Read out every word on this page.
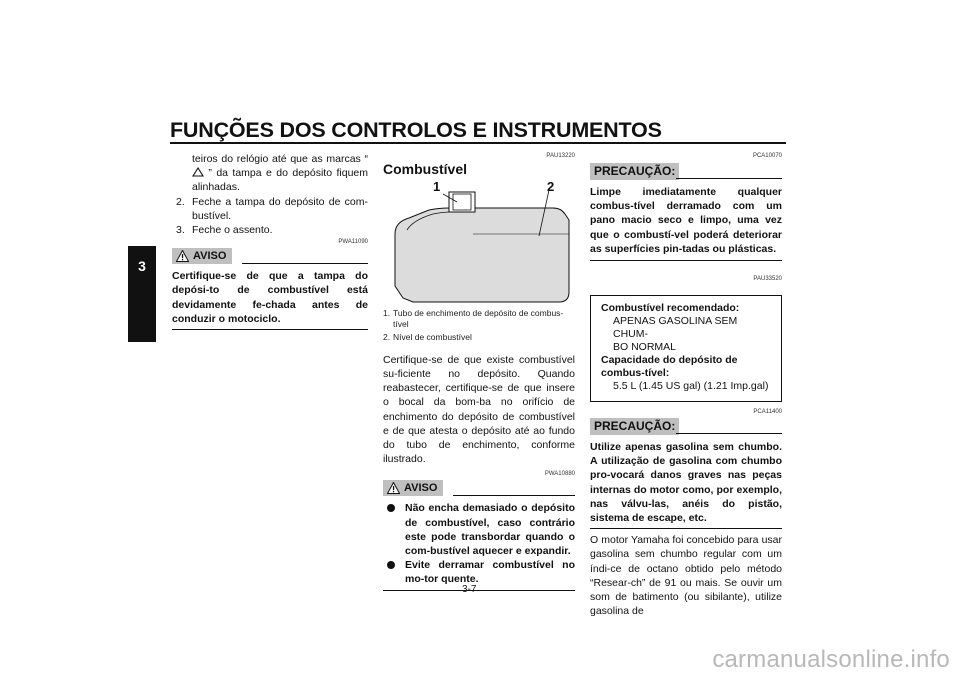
FUNÇÕES DOS CONTROLOS E INSTRUMENTOS
3
teiros do relógio até que as marcas “ ” da tampa e do depósito fiquem alinhadas.
2. Feche a tampa do depósito de com-bustível.
3. Feche o assento.
PWA11090
AVISO
Certifique-se de que a tampa do depósi-to de combustível está devidamente fe-chada antes de conduzir o motociclo.
PAU13220
Combustível
1	2
1. Tubo de enchimento de depósito de combus-tível
2. Nível de combustível
Certifique-se de que existe combustível su-ficiente no depósito. Quando reabastecer, certifique-se de que insere o bocal da bom-ba no orifício de enchimento do depósito de combustível e de que atesta o depósito até ao fundo do tubo de enchimento, conforme ilustrado.
PWA10880
AVISO
Não encha demasiado o depósito de combustível, caso contrário este pode transbordar quando o com-bustível aquecer e expandir.
Evite derramar combustível no mo-tor quente.
PCA10070
PRECAUÇÃO:
Limpe imediatamente qualquer combus-tível derramado com um pano macio seco e limpo, uma vez que o combustí-vel poderá deteriorar as superfícies pin-tadas ou plásticas.
PAU33520
Combustível recomendado:
APENAS GASOLINA SEM CHUM-
BO NORMAL
Capacidade do depósito de combus-tível:
5.5 L (1.45 US gal) (1.21 Imp.gal)
PCA11400
PRECAUÇÃO:
Utilize apenas gasolina sem chumbo. A utilização de gasolina com chumbo pro-vocará danos graves nas peças internas do motor como, por exemplo, nas válvu-las, anéis do pistão, sistema de escape, etc.
O motor Yamaha foi concebido para usar gasolina sem chumbo regular com um índi-ce de octano obtido pelo método “Resear-ch” de 91 ou mais. Se ouvir um som de batimento (ou sibilante), utilize gasolina de
3-7
carmanualsonline.info
